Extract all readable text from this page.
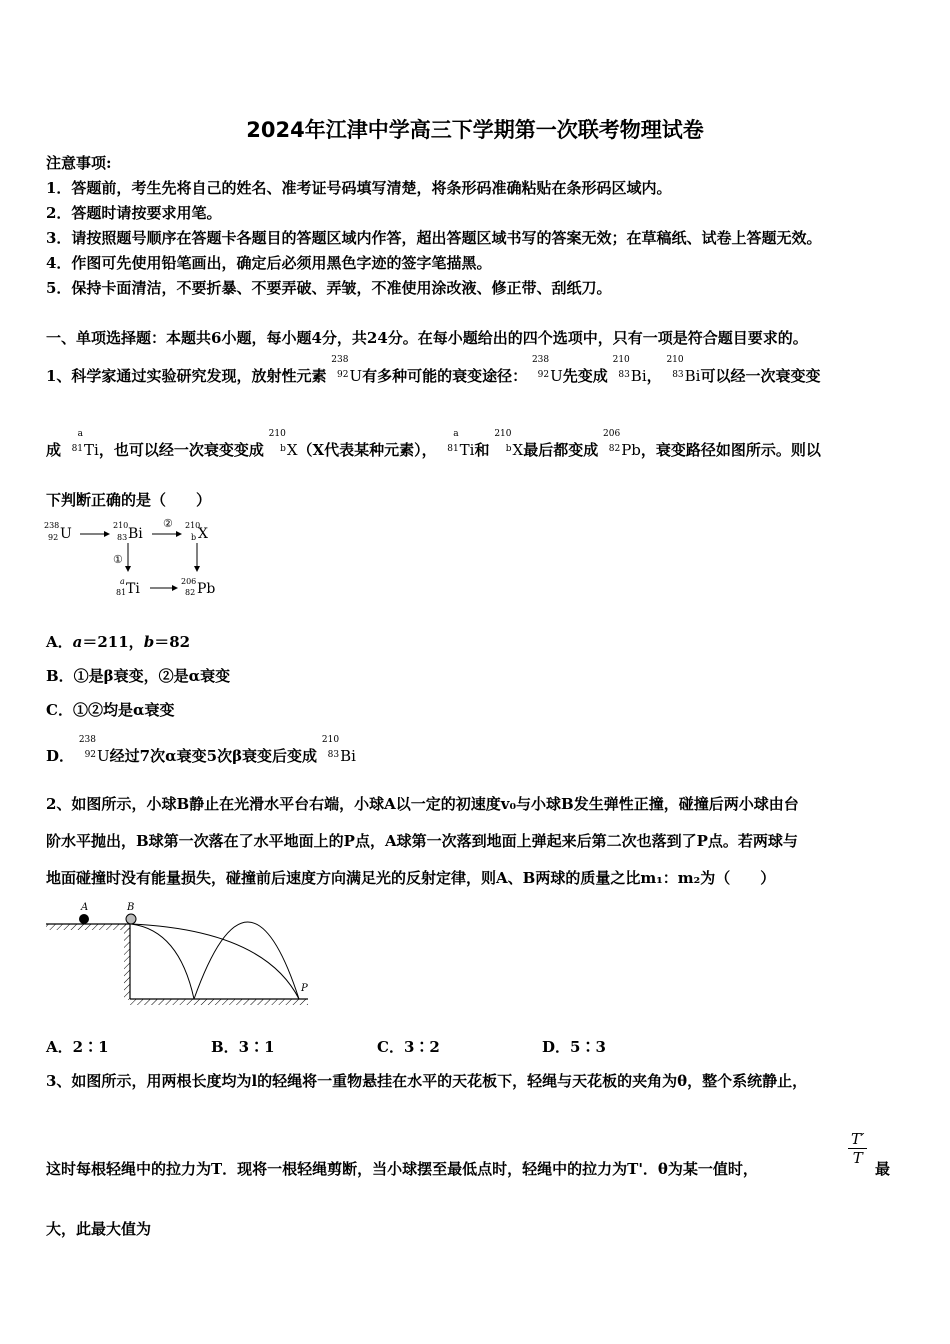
2024年江津中学高三下学期第一次联考物理试卷
注意事项:
1．答题前，考生先将自己的姓名、准考证号码填写清楚，将条形码准确粘贴在条形码区域内。
2．答题时请按要求用笔。
3．请按照题号顺序在答题卡各题目的答题区域内作答，超出答题区域书写的答案无效；在草稿纸、试卷上答题无效。
4．作图可先使用铅笔画出，确定后必须用黑色字迹的签字笔描黑。
5．保持卡面清洁，不要折暴、不要弄破、弄皱，不准使用涂改液、修正带、刮纸刀。
一、单项选择题：本题共6小题，每小题4分，共24分。在每小题给出的四个选项中，只有一项是符合题目要求的。
1、科学家通过实验研究发现，放射性元素
238
92 U有多种可能的衰变途径：
238
92 U先变成
210
83 Bi，
210
83 Bi可以经一次衰变变
成
a
81 Ti，也可以经一次衰变变成
210
b X（X代表某种元素），
a
81 Ti和
210
b X最后都变成
206
82 Pb，衰变路径如图所示。则以
下判断正确的是（　　）
238
92 U
210
83 Bi
② 210
b X
①
a
81 Ti	206
82 Pb
A．a＝211，b＝82
B．①是β衰变，②是α衰变
C．①②均是α衰变
D．
238
92 U经过7次α衰变5次β衰变后变成
210
83 Bi
2、如图所示，小球B静止在光滑水平台右端，小球A以一定的初速度v₀与小球B发生弹性正撞，碰撞后两小球由台
阶水平抛出，B球第一次落在了水平地面上的P点，A球第一次落到地面上弹起来后第二次也落到了P点。若两球与
地面碰撞时没有能量损失，碰撞前后速度方向满足光的反射定律，则A、B两球的质量之比m₁：m₂为（　　）
A	B
P
A．2∶1	B．3∶1	C．3∶2	D．5∶3
3、如图所示，用两根长度均为l的轻绳将一重物悬挂在水平的天花板下，轻绳与天花板的夹角为θ，整个系统静止，
这时每根轻绳中的拉力为T．现将一根轻绳剪断，当小球摆至最低点时，轻绳中的拉力为T'．θ为某一值时，
$\frac{T'}{T}$
最
大，此最大值为
